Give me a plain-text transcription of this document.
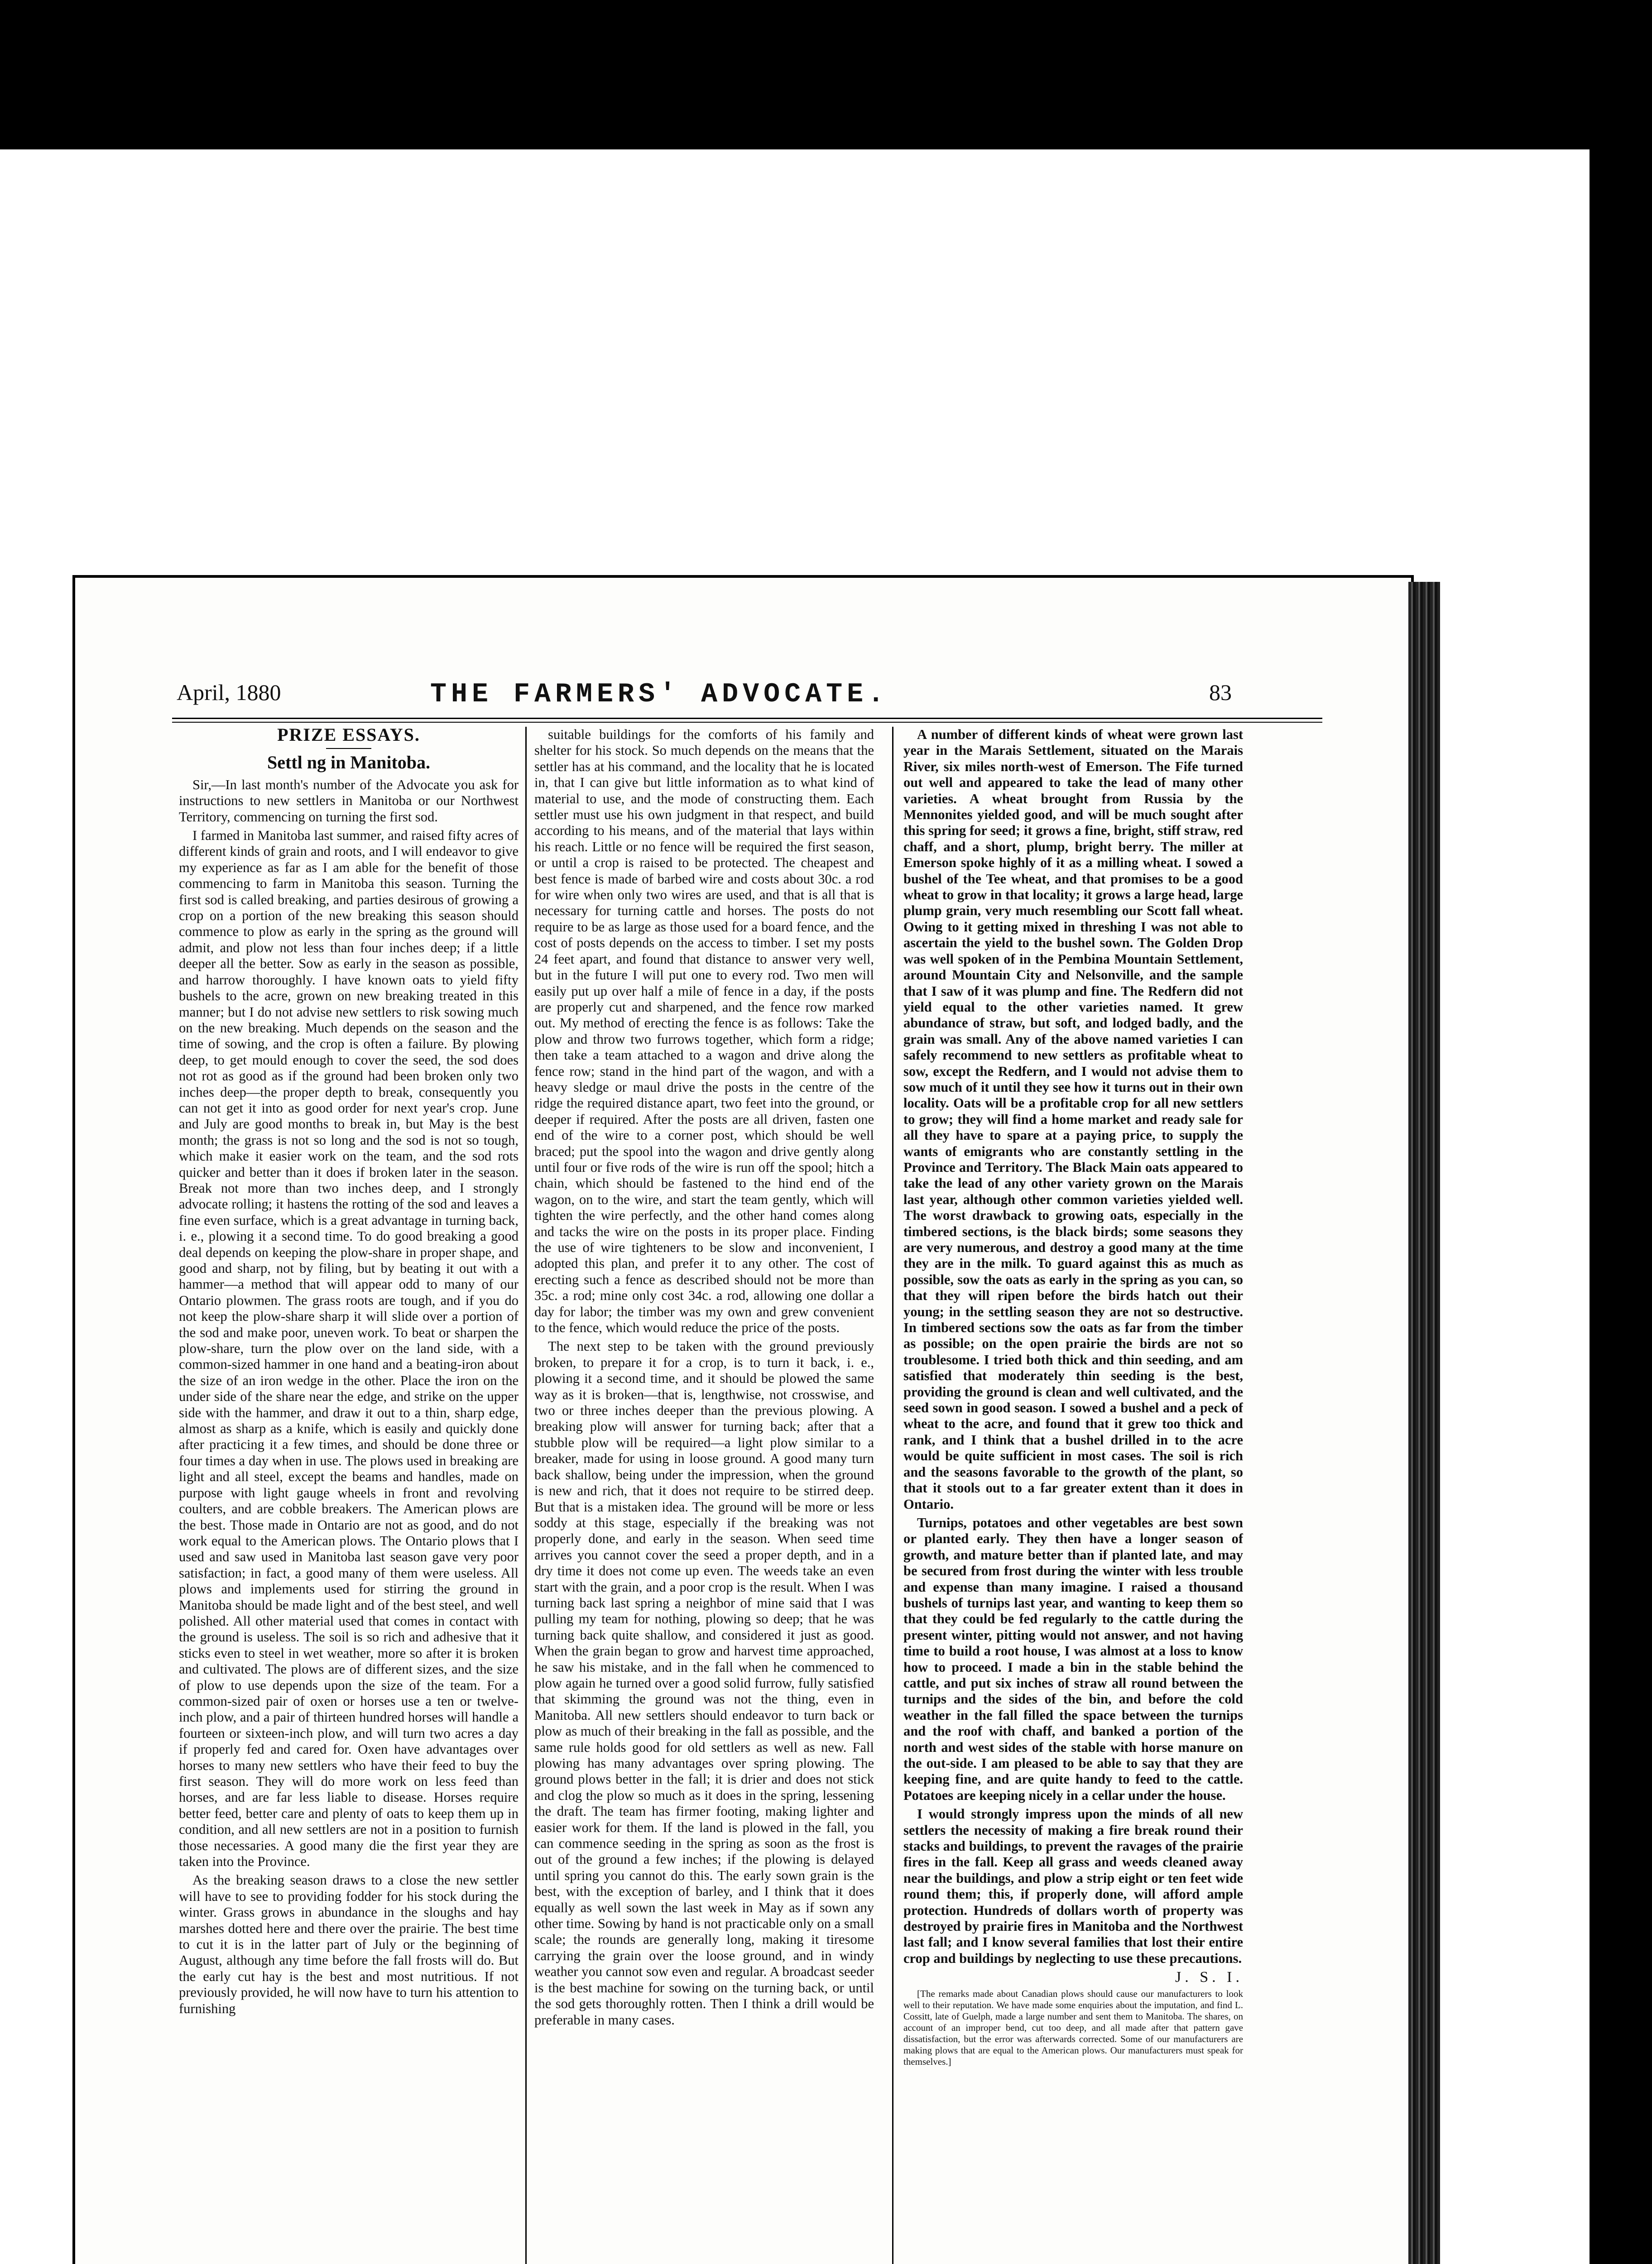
April, 1880	THE FARMERS' ADVOCATE.	83

PRIZE ESSAYS.

Settl ng in Manitoba.

Sir,—In last month's number of the Advocate you ask for instructions to new settlers in Manitoba or our Northwest Territory, commencing on turning the first sod.

I farmed in Manitoba last summer, and raised fifty acres of different kinds of grain and roots, and I will endeavor to give my experience as far as I am able for the benefit of those commencing to farm in Manitoba this season. Turning the first sod is called breaking, and parties desirous of growing a crop on a portion of the new breaking this season should commence to plow as early in the spring as the ground will admit, and plow not less than four inches deep; if a little deeper all the better. Sow as early in the season as possible, and harrow thoroughly. I have known oats to yield fifty bushels to the acre, grown on new breaking treated in this manner; but I do not advise new settlers to risk sowing much on the new breaking. Much depends on the season and the time of sowing, and the crop is often a failure. By plowing deep, to get mould enough to cover the seed, the sod does not rot as good as if the ground had been broken only two inches deep—the proper depth to break, consequently you can not get it into as good order for next year's crop. June and July are good months to break in, but May is the best month; the grass is not so long and the sod is not so tough, which make it easier work on the team, and the sod rots quicker and better than it does if broken later in the season. Break not more than two inches deep, and I strongly advocate rolling; it hastens the rotting of the sod and leaves a fine even surface, which is a great advantage in turning back, i. e., plowing it a second time. To do good breaking a good deal depends on keeping the plow-share in proper shape, and good and sharp, not by filing, but by beating it out with a hammer—a method that will appear odd to many of our Ontario plowmen. The grass roots are tough, and if you do not keep the plow-share sharp it will slide over a portion of the sod and make poor, uneven work. To beat or sharpen the plow-share, turn the plow over on the land side, with a common-sized hammer in one hand and a beating-iron about the size of an iron wedge in the other. Place the iron on the under side of the share near the edge, and strike on the upper side with the hammer, and draw it out to a thin, sharp edge, almost as sharp as a knife, which is easily and quickly done after practicing it a few times, and should be done three or four times a day when in use. The plows used in breaking are light and all steel, except the beams and handles, made on purpose with light gauge wheels in front and revolving coulters, and are cobble breakers. The American plows are the best. Those made in Ontario are not as good, and do not work equal to the American plows. The Ontario plows that I used and saw used in Manitoba last season gave very poor satisfaction; in fact, a good many of them were useless. All plows and implements used for stirring the ground in Manitoba should be made light and of the best steel, and well polished. All other material used that comes in contact with the ground is useless. The soil is so rich and adhesive that it sticks even to steel in wet weather, more so after it is broken and cultivated. The plows are of different sizes, and the size of plow to use depends upon the size of the team. For a common-sized pair of oxen or horses use a ten or twelve-inch plow, and a pair of thirteen hundred horses will handle a fourteen or sixteen-inch plow, and will turn two acres a day if properly fed and cared for. Oxen have advantages over horses to many new settlers who have their feed to buy the first season. They will do more work on less feed than horses, and are far less liable to disease. Horses require better feed, better care and plenty of oats to keep them up in condition, and all new settlers are not in a position to furnish those necessaries. A good many die the first year they are taken into the Province.

As the breaking season draws to a close the new settler will have to see to providing fodder for his stock during the winter. Grass grows in abundance in the sloughs and hay marshes dotted here and there over the prairie. The best time to cut it is in the latter part of July or the beginning of August, although any time before the fall frosts will do. But the early cut hay is the best and most nutritious. If not previously provided, he will now have to turn his attention to furnishing

suitable buildings for the comforts of his family and shelter for his stock. So much depends on the means that the settler has at his command, and the locality that he is located in, that I can give but little information as to what kind of material to use, and the mode of constructing them. Each settler must use his own judgment in that respect, and build according to his means, and of the material that lays within his reach. Little or no fence will be required the first season, or until a crop is raised to be protected. The cheapest and best fence is made of barbed wire and costs about 30c. a rod for wire when only two wires are used, and that is all that is necessary for turning cattle and horses. The posts do not require to be as large as those used for a board fence, and the cost of posts depends on the access to timber. I set my posts 24 feet apart, and found that distance to answer very well, but in the future I will put one to every rod. Two men will easily put up over half a mile of fence in a day, if the posts are properly cut and sharpened, and the fence row marked out. My method of erecting the fence is as follows: Take the plow and throw two furrows together, which form a ridge; then take a team attached to a wagon and drive along the fence row; stand in the hind part of the wagon, and with a heavy sledge or maul drive the posts in the centre of the ridge the required distance apart, two feet into the ground, or deeper if required. After the posts are all driven, fasten one end of the wire to a corner post, which should be well braced; put the spool into the wagon and drive gently along until four or five rods of the wire is run off the spool; hitch a chain, which should be fastened to the hind end of the wagon, on to the wire, and start the team gently, which will tighten the wire perfectly, and the other hand comes along and tacks the wire on the posts in its proper place. Finding the use of wire tighteners to be slow and inconvenient, I adopted this plan, and prefer it to any other. The cost of erecting such a fence as described should not be more than 35c. a rod; mine only cost 34c. a rod, allowing one dollar a day for labor; the timber was my own and grew convenient to the fence, which would reduce the price of the posts.

The next step to be taken with the ground previously broken, to prepare it for a crop, is to turn it back, i. e., plowing it a second time, and it should be plowed the same way as it is broken—that is, lengthwise, not crosswise, and two or three inches deeper than the previous plowing. A breaking plow will answer for turning back; after that a stubble plow will be required—a light plow similar to a breaker, made for using in loose ground. A good many turn back shallow, being under the impression, when the ground is new and rich, that it does not require to be stirred deep. But that is a mistaken idea. The ground will be more or less soddy at this stage, especially if the breaking was not properly done, and early in the season. When seed time arrives you cannot cover the seed a proper depth, and in a dry time it does not come up even. The weeds take an even start with the grain, and a poor crop is the result. When I was turning back last spring a neighbor of mine said that I was pulling my team for nothing, plowing so deep; that he was turning back quite shallow, and considered it just as good. When the grain began to grow and harvest time approached, he saw his mistake, and in the fall when he commenced to plow again he turned over a good solid furrow, fully satisfied that skimming the ground was not the thing, even in Manitoba. All new settlers should endeavor to turn back or plow as much of their breaking in the fall as possible, and the same rule holds good for old settlers as well as new. Fall plowing has many advantages over spring plowing. The ground plows better in the fall; it is drier and does not stick and clog the plow so much as it does in the spring, lessening the draft. The team has firmer footing, making lighter and easier work for them. If the land is plowed in the fall, you can commence seeding in the spring as soon as the frost is out of the ground a few inches; if the plowing is delayed until spring you cannot do this. The early sown grain is the best, with the exception of barley, and I think that it does equally as well sown the last week in May as if sown any other time. Sowing by hand is not practicable only on a small scale; the rounds are generally long, making it tiresome carrying the grain over the loose ground, and in windy weather you cannot sow even and regular. A broadcast seeder is the best machine for sowing on the turning back, or until the sod gets thoroughly rotten. Then I think a drill would be preferable in many cases.

A number of different kinds of wheat were grown last year in the Marais Settlement, situated on the Marais River, six miles north-west of Emerson. The Fife turned out well and appeared to take the lead of many other varieties. A wheat brought from Russia by the Mennonites yielded good, and will be much sought after this spring for seed; it grows a fine, bright, stiff straw, red chaff, and a short, plump, bright berry. The miller at Emerson spoke highly of it as a milling wheat. I sowed a bushel of the Tee wheat, and that promises to be a good wheat to grow in that locality; it grows a large head, large plump grain, very much resembling our Scott fall wheat. Owing to it getting mixed in threshing I was not able to ascertain the yield to the bushel sown. The Golden Drop was well spoken of in the Pembina Mountain Settlement, around Mountain City and Nelsonville, and the sample that I saw of it was plump and fine. The Redfern did not yield equal to the other varieties named. It grew abundance of straw, but soft, and lodged badly, and the grain was small. Any of the above named varieties I can safely recommend to new settlers as profitable wheat to sow, except the Redfern, and I would not advise them to sow much of it until they see how it turns out in their own locality. Oats will be a profitable crop for all new settlers to grow; they will find a home market and ready sale for all they have to spare at a paying price, to supply the wants of emigrants who are constantly settling in the Province and Territory. The Black Main oats appeared to take the lead of any other variety grown on the Marais last year, although other common varieties yielded well. The worst drawback to growing oats, especially in the timbered sections, is the black birds; some seasons they are very numerous, and destroy a good many at the time they are in the milk. To guard against this as much as possible, sow the oats as early in the spring as you can, so that they will ripen before the birds hatch out their young; in the settling season they are not so destructive. In timbered sections sow the oats as far from the timber as possible; on the open prairie the birds are not so troublesome. I tried both thick and thin seeding, and am satisfied that moderately thin seeding is the best, providing the ground is clean and well cultivated, and the seed sown in good season. I sowed a bushel and a peck of wheat to the acre, and found that it grew too thick and rank, and I think that a bushel drilled in to the acre would be quite sufficient in most cases. The soil is rich and the seasons favorable to the growth of the plant, so that it stools out to a far greater extent than it does in Ontario.

Turnips, potatoes and other vegetables are best sown or planted early. They then have a longer season of growth, and mature better than if planted late, and may be secured from frost during the winter with less trouble and expense than many imagine. I raised a thousand bushels of turnips last year, and wanting to keep them so that they could be fed regularly to the cattle during the present winter, pitting would not answer, and not having time to build a root house, I was almost at a loss to know how to proceed. I made a bin in the stable behind the cattle, and put six inches of straw all round between the turnips and the sides of the bin, and before the cold weather in the fall filled the space between the turnips and the roof with chaff, and banked a portion of the north and west sides of the stable with horse manure on the out-side. I am pleased to be able to say that they are keeping fine, and are quite handy to feed to the cattle. Potatoes are keeping nicely in a cellar under the house.

I would strongly impress upon the minds of all new settlers the necessity of making a fire break round their stacks and buildings, to prevent the ravages of the prairie fires in the fall. Keep all grass and weeds cleaned away near the buildings, and plow a strip eight or ten feet wide round them; this, if properly done, will afford ample protection. Hundreds of dollars worth of property was destroyed by prairie fires in Manitoba and the Northwest last fall; and I know several families that lost their entire crop and buildings by neglecting to use these precautions.

J. S. I.

[The remarks made about Canadian plows should cause our manufacturers to look well to their reputation. We have made some enquiries about the imputation, and find L. Cossitt, late of Guelph, made a large number and sent them to Manitoba. The shares, on account of an improper bend, cut too deep, and all made after that pattern gave dissatisfaction, but the error was afterwards corrected. Some of our manufacturers are making plows that are equal to the American plows. Our manufacturers must speak for themselves.]
